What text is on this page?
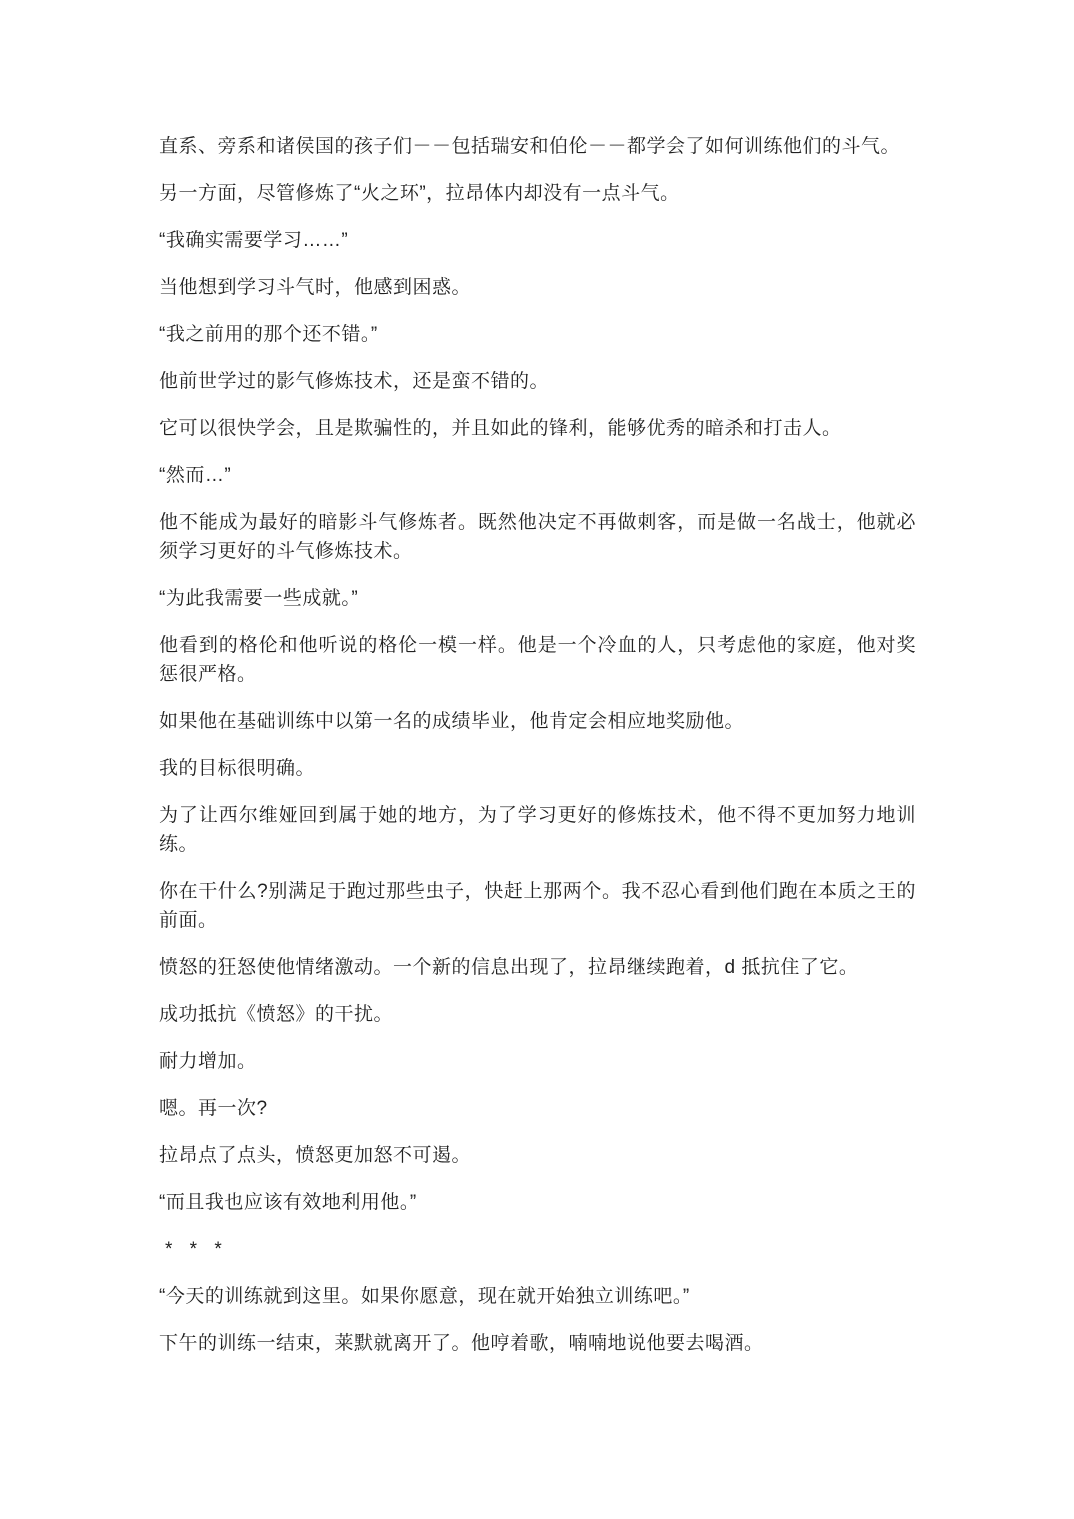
直系、旁系和诸侯国的孩子们－－包括瑞安和伯伦－－都学会了如何训练他们的斗气。

另一方面，尽管修炼了“火之环”，拉昂体内却没有一点斗气。

“我确实需要学习……”

当他想到学习斗气时，他感到困惑。

“我之前用的那个还不错。”

他前世学过的影气修炼技术，还是蛮不错的。

它可以很快学会，且是欺骗性的，并且如此的锋利，能够优秀的暗杀和打击人。

“然而…”

他不能成为最好的暗影斗气修炼者。既然他决定不再做刺客，而是做一名战士，他就必须学习更好的斗气修炼技术。

“为此我需要一些成就。”

他看到的格伦和他听说的格伦一模一样。他是一个冷血的人，只考虑他的家庭，他对奖惩很严格。

如果他在基础训练中以第一名的成绩毕业，他肯定会相应地奖励他。

我的目标很明确。

为了让西尔维娅回到属于她的地方，为了学习更好的修炼技术，他不得不更加努力地训练。

你在干什么?别满足于跑过那些虫子，快赶上那两个。我不忍心看到他们跑在本质之王的前面。

愤怒的狂怒使他情绪激动。一个新的信息出现了，拉昂继续跑着，d 抵抗住了它。

成功抵抗《愤怒》的干扰。

耐力增加。

嗯。再一次?

拉昂点了点头，愤怒更加怒不可遏。

“而且我也应该有效地利用他。”

* * *

“今天的训练就到这里。如果你愿意，现在就开始独立训练吧。”

下午的训练一结束，莱默就离开了。他哼着歌，喃喃地说他要去喝酒。
